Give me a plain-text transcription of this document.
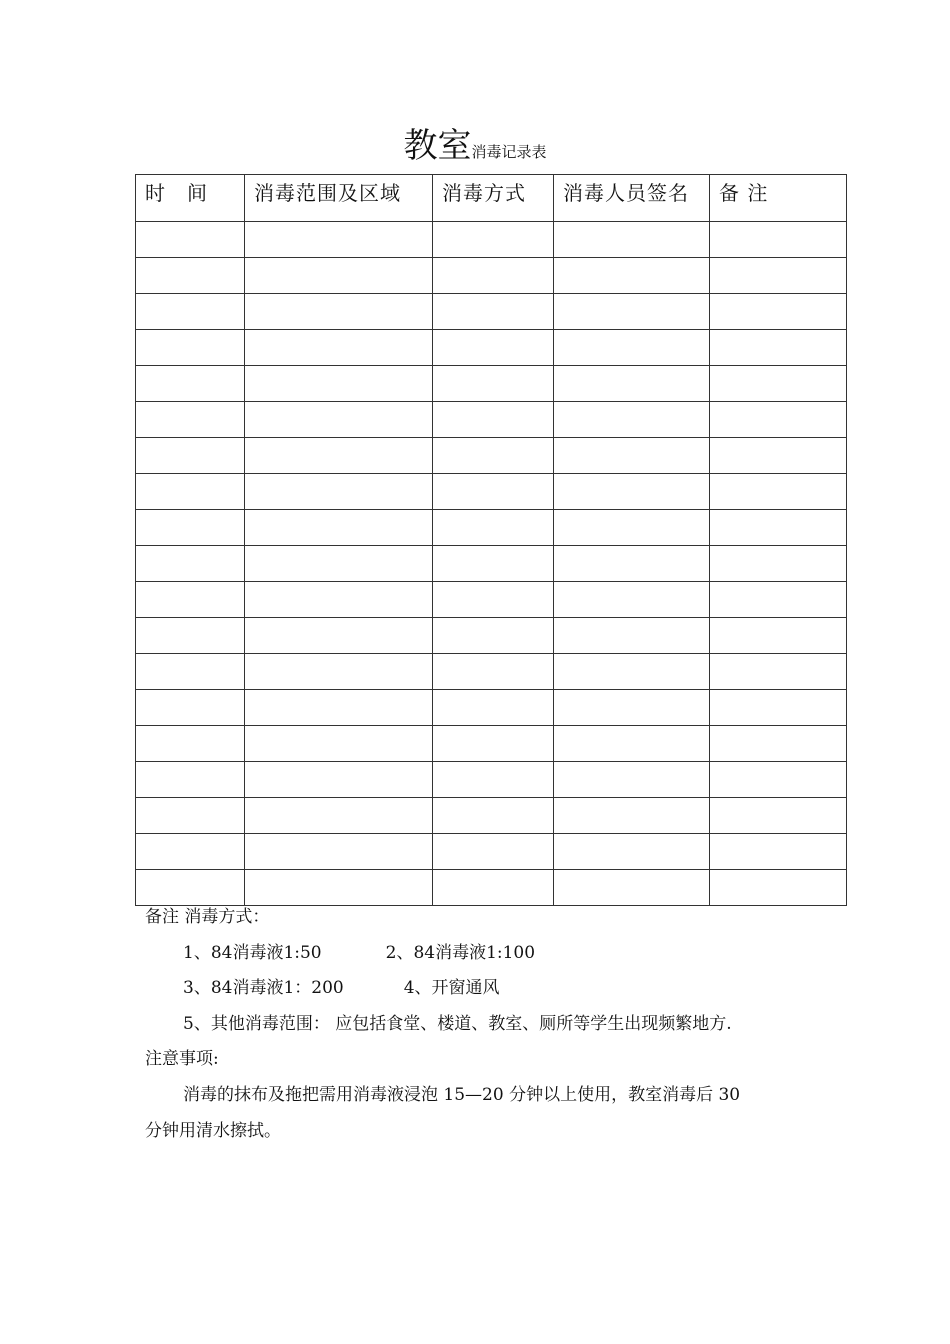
教室消毒记录表
时　间	消毒范围及区域	消毒方式	消毒人员签名	备 注

备注 消毒方式：

1、84消毒液1:50	2、84消毒液1:100

3、84消毒液1：200	4、开窗通风

5、其他消毒范围： 应包括食堂、楼道、教室、厕所等学生出现频繁地方.

注意事项:

消毒的抹布及拖把需用消毒液浸泡 15—20 分钟以上使用，教室消毒后 30

分钟用清水擦拭。
